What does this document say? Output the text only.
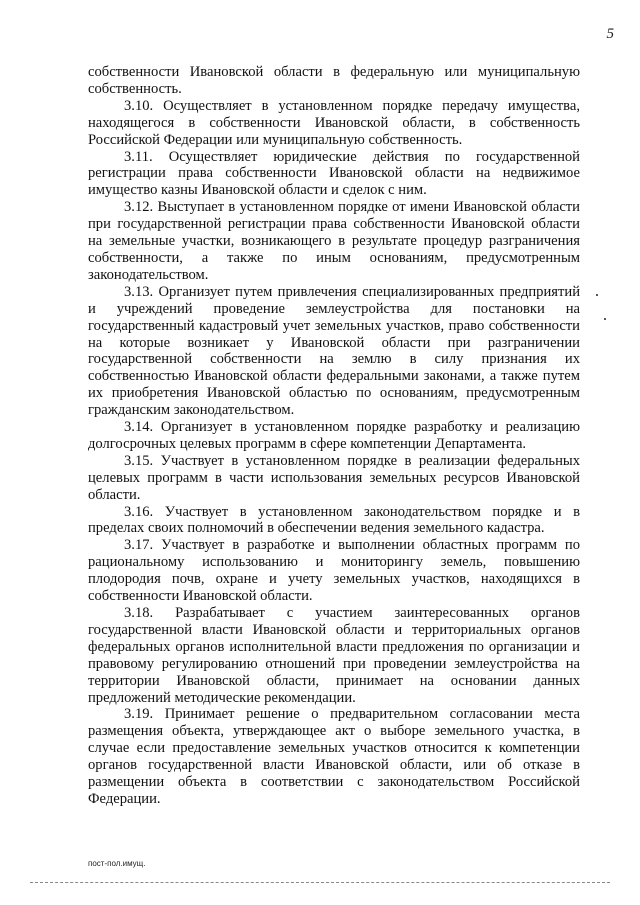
5

собственности Ивановской области в федеральную или муниципальную собственность.

3.10. Осуществляет в установленном порядке передачу имущества, находящегося в собственности Ивановской области, в собственность Российской Федерации или муниципальную собственность.

3.11. Осуществляет юридические действия по государственной регистрации права собственности Ивановской области на недвижимое имущество казны Ивановской области и сделок с ним.

3.12. Выступает в установленном порядке от имени Ивановской области при государственной регистрации права собственности Ивановской области на земельные участки, возникающего в результате процедур разграничения собственности, а также по иным основаниям, предусмотренным законодательством.

3.13. Организует путем привлечения специализированных предприятий и учреждений проведение землеустройства для постановки на государственный кадастровый учет земельных участков, право собственности на которые возникает у Ивановской области при разграничении государственной собственности на землю в силу признания их собственностью Ивановской области федеральными законами, а также путем их приобретения Ивановской областью по основаниям, предусмотренным гражданским законодательством.

3.14. Организует в установленном порядке разработку и реализацию долгосрочных целевых программ в сфере компетенции Департамента.

3.15. Участвует в установленном порядке в реализации федеральных целевых программ в части использования земельных ресурсов Ивановской области.

3.16. Участвует в установленном законодательством порядке и в пределах своих полномочий в обеспечении ведения земельного кадастра.

3.17. Участвует в разработке и выполнении областных программ по рациональному использованию и мониторингу земель, повышению плодородия почв, охране и учету земельных участков, находящихся в собственности Ивановской области.

3.18. Разрабатывает с участием заинтересованных органов государственной власти Ивановской области и территориальных органов федеральных органов исполнительной власти предложения по организации и правовому регулированию отношений при проведении землеустройства на территории Ивановской области, принимает на основании данных предложений методические рекомендации.

3.19. Принимает решение о предварительном согласовании места размещения объекта, утверждающее акт о выборе земельного участка, в случае если предоставление земельных участков относится к компетенции органов государственной власти Ивановской области, или об отказе в размещении объекта в соответствии с законодательством Российской Федерации.

пост-пол.имущ.
